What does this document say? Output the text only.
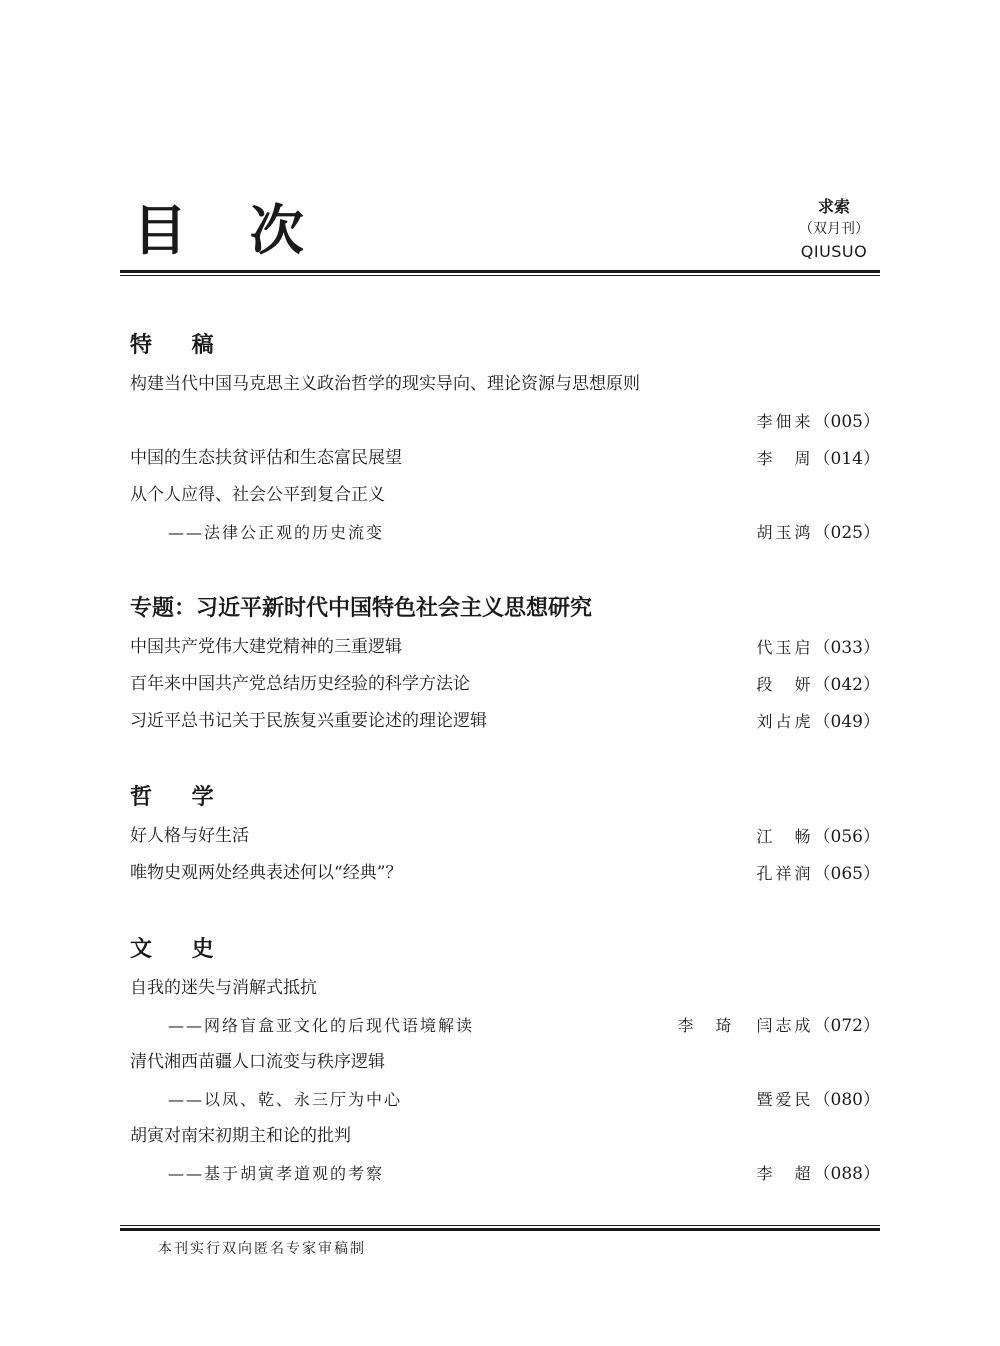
目 次	求索
（双月刊）
QIUSUO
特 稿
构建当代中国马克思主义政治哲学的现实导向、理论资源与思想原则
李佃来（005）
中国的生态扶贫评估和生态富民展望	李　周（014）
从个人应得、社会公平到复合正义
——法律公正观的历史流变	胡玉鸿（025）
专题：习近平新时代中国特色社会主义思想研究
中国共产党伟大建党精神的三重逻辑	代玉启（033）
百年来中国共产党总结历史经验的科学方法论	段　妍（042）
习近平总书记关于民族复兴重要论述的理论逻辑	刘占虎（049）
哲 学
好人格与好生活	江　畅（056）
唯物史观两处经典表述何以“经典”？	孔祥润（065）
文 史
自我的迷失与消解式抵抗
——网络盲盒亚文化的后现代语境解读	李　琦 闫志成（072）
清代湘西苗疆人口流变与秩序逻辑
——以凤、乾、永三厅为中心	暨爱民（080）
胡寅对南宋初期主和论的批判
——基于胡寅孝道观的考察	李　超（088）
本刊实行双向匿名专家审稿制
